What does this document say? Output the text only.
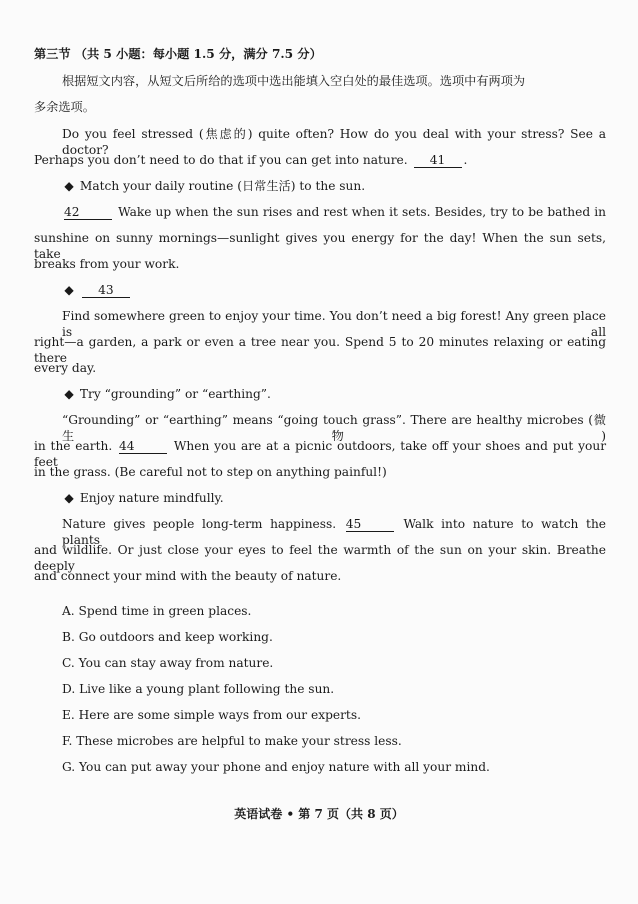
第三节 （共 5 小题：每小题 1.5 分，满分 7.5 分）
根据短文内容，从短文后所给的选项中选出能填入空白处的最佳选项。选项中有两项为
多余选项。
Do you feel stressed (焦虑的) quite often? How do you deal with your stress? See a doctor?
Perhaps you don’t need to do that if you can get into nature. 41 .
◆ Match your daily routine (日常生活) to the sun.
42	Wake up when the sun rises and rest when it sets. Besides, try to be bathed in
sunshine on sunny mornings—sunlight gives you energy for the day! When the sun sets, take
breaks from your work.
◆ 43
Find somewhere green to enjoy your time. You don’t need a big forest! Any green place is all
right—a garden, a park or even a tree near you. Spend 5 to 20 minutes relaxing or eating there
every day.
◆ Try “grounding” or “earthing”.
“Grounding” or “earthing” means “going touch grass”. There are healthy microbes (微生物)
in the earth. 44	When you are at a picnic outdoors, take off your shoes and put your feet
in the grass. (Be careful not to step on anything painful!)
◆ Enjoy nature mindfully.
Nature gives people long-term happiness. 45	Walk into nature to watch the plants
and wildlife. Or just close your eyes to feel the warmth of the sun on your skin. Breathe deeply
and connect your mind with the beauty of nature.
A. Spend time in green places.
B. Go outdoors and keep working.
C. You can stay away from nature.
D. Live like a young plant following the sun.
E. Here are some simple ways from our experts.
F. These microbes are helpful to make your stress less.
G. You can put away your phone and enjoy nature with all your mind.
英语试卷 • 第 7 页（共 8 页）
